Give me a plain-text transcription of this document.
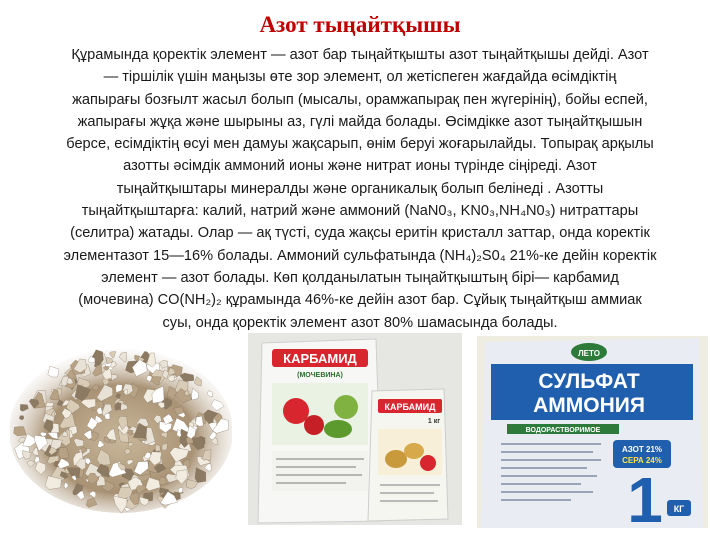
Азот тыңайтқышы
Құрамында қоректік элемент — азот бар тыңайтқышты азот тыңайтқышы дейді. Азот
— тіршілік үшін маңызы өте зор элемент, ол жетіспеген жағдайда өсімдіктің
жапырағы бозғылт жасыл болып (мысалы, орамжапырақ пен жүгерінің), бойы еспей,
жапырағы жұқа және шырыны аз, гүлі майда болады. Өсімдікке азот тыңайтқышын
берсе, есімдіктің өсуі мен дамуы жақсарып, өнім беруі жоғарылайды. Топырақ арқылы
азотты әсімдік аммоний ионы және нитрат ионы түрінде сіңіреді. Азот
тыңайтқыштары минералды және органикалық болып белінеді . Азотты
тыңайтқыштарға: калий, натрий және аммоний (NaN0₃, KN0₃,NH₄N0₃) нитраттары
(селитра) жатады. Олар — ақ түсті, суда жақсы еритін кристалл заттар, онда коректік
элементазот 15—16% болады. Аммоний сульфатында (NH₄)₂S0₄ 21%-ке дейін коректік
элемент — азот болады. Көп қолданылатын тыңайтқыштың бірі— карбамид
(мочевина) CO(NH₂)₂ құрамында 46%-ке дейін азот бар. Сұйық тыңайтқыш аммиак
суы, онда қоректік элемент азот 80% шамасында болады.
КАРБАМИД
(МОЧЕВИНА)
КАРБАМИД
1 кг
ЛЕТО
СУЛЬФАТ
АММОНИЯ
ВОДОРАСТВОРИМОЕ
АЗОТ 21%
СЕРА 24%
1 КГ
